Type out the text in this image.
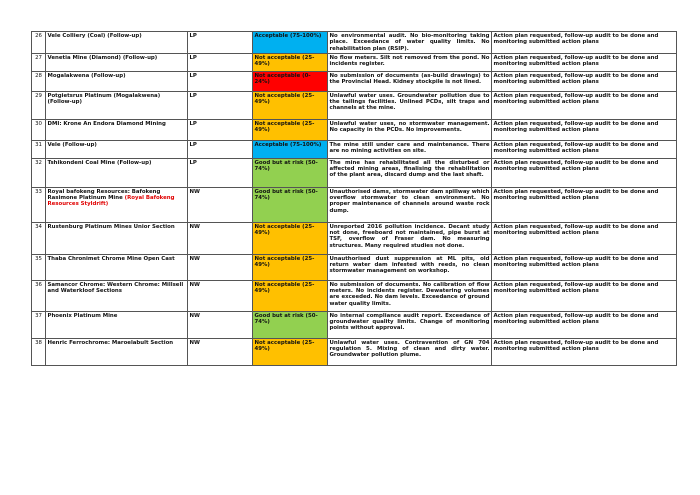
26	Vele Colliery (Coal) (Follow-up)	LP	Acceptable (75-100%)	No environmental audit. No bio-monitoring taking place. Exceedance of water quality limits. No rehabilitation plan (RSIP).	Action plan requested, follow-up audit to be done and monitoring submitted action plans
27	Venetia Mine (Diamond) (Follow-up)	LP	Not acceptable (25-49%)	No flow meters. Silt not removed from the pond. No incidents register.	Action plan requested, follow-up audit to be done and monitoring submitted action plans
28	Mogalakwena (Follow-up)	LP	Not acceptable (0-24%)	No submission of documents (as-build drawings) to the Provincial Head. Kidney stockpile is not lined.	Action plan requested, follow-up audit to be done and monitoring submitted action plans
29	Potgietsrus Platinum (Mogalakwena) (Follow-up)	LP	Not acceptable (25-49%)	Unlawful water uses. Groundwater pollution due to the tailings facilities. Unlined PCDs, silt traps and channels at the mine.	Action plan requested, follow-up audit to be done and monitoring submitted action plans
30	DMI: Krone An Endora Diamond Mining	LP	Not acceptable (25-49%)	Unlawful water uses, no stormwater management. No capacity in the PCDs. No improvements.	Action plan requested, follow-up audit to be done and monitoring submitted action plans
31	Vele (Follow-up)	LP	Acceptable (75-100%)	The mine still under care and maintenance. There are no mining activities on site.	Action plan requested, follow-up audit to be done and monitoring submitted action plans
32	Tshikondeni Coal Mine (Follow-up)	LP	Good but at risk (50-74%)	The mine has rehabilitated all the disturbed or affected mining areas, finalising the rehabilitation of the plant area, discard dump and the last shaft.	Action plan requested, follow-up audit to be done and monitoring submitted action plans
33	Royal bafokeng Resources: Bafokeng Rasimone Platinum Mine (Royal Bafokeng Resources Styldrift)	NW	Good but at risk (50-74%)	Unauthorised dams, stormwater dam spillway which overflow stormwater to clean environment. No proper maintenance of channels around waste rock dump.	Action plan requested, follow-up audit to be done and monitoring submitted action plans
34	Rustenburg Platinum Mines Unior Section	NW	Not acceptable (25-49%)	Unreported 2016 pollution incidence. Decant study not done, freeboard not maintained, pipe burst at TSF, overflow of Fraser dam. No measuring structures. Many required studies not done.	Action plan requested, follow-up audit to be done and monitoring submitted action plans
35	Thaba Chronimet Chrome Mine Open Cast	NW	Not acceptable (25-49%)	Unauthorised dust suppression at ML pits, old return water dam infested with reeds, no clean stormwater management on workshop.	Action plan requested, follow-up audit to be done and monitoring submitted action plans
36	Samancor Chrome: Western Chrome: Millsell and Waterkloof Sections	NW	Not acceptable (25-49%)	No submission of documents. No calibration of flow meters. No incidents register. Dewatering volumes are exceeded. No dam levels. Exceedance of ground water quality limits.	Action plan requested, follow-up audit to be done and monitoring submitted action plans
37	Phoenix Platinum Mine	NW	Good but at risk (50-74%)	No internal compliance audit report. Exceedance of groundwater quality limits. Change of monitoring points without approval.	Action plan requested, follow-up audit to be done and monitoring submitted action plans
38	Henric Ferrochrome: Maroelabult Section	NW	Not acceptable (25-49%)	Unlawful water uses. Contravention of GN 704 regulation 5. Mixing of clean and dirty water. Groundwater pollution plume.	Action plan requested, follow-up audit to be done and monitoring submitted action plans
